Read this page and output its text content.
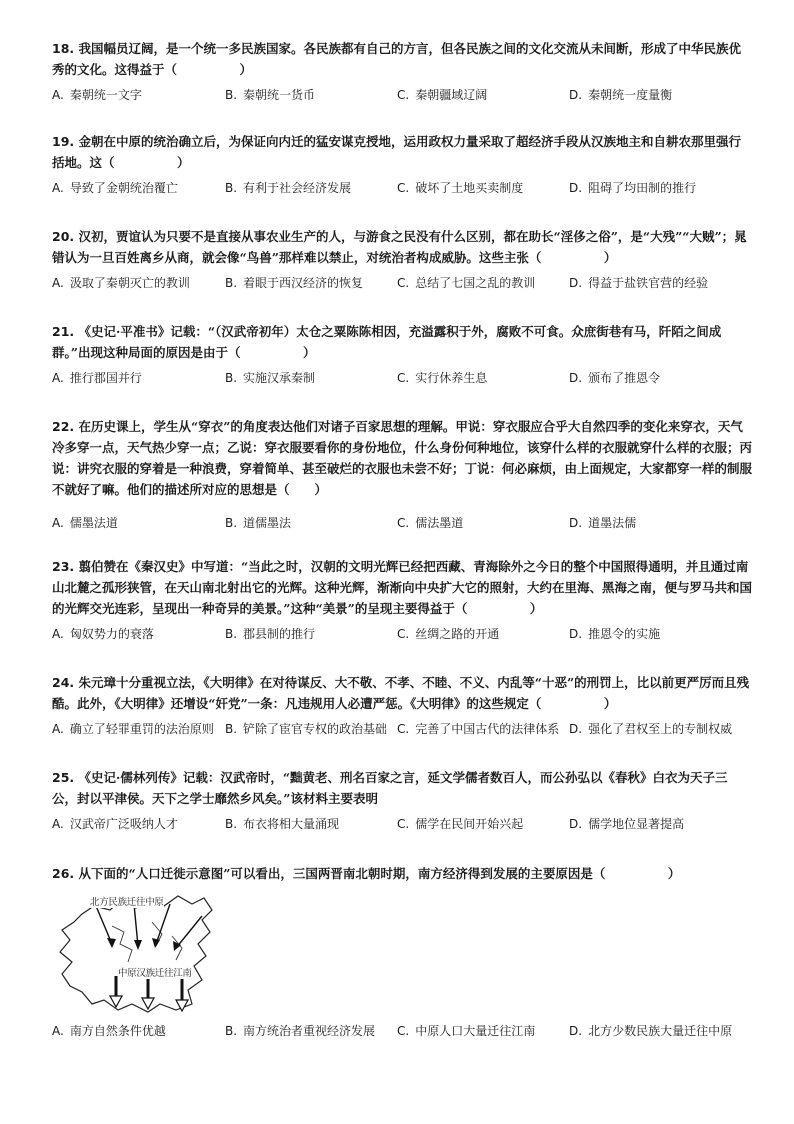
18. 我国幅员辽阔，是一个统一多民族国家。各民族都有自己的方言，但各民族之间的文化交流从未间断，形成了中华民族优秀的文化。这得益于（　　　　　）

A. 秦朝统一文字	B. 秦朝统一货币	C. 秦朝疆域辽阔	D. 秦朝统一度量衡

19. 金朝在中原的统治确立后，为保证向内迁的猛安谋克授地，运用政权力量采取了超经济手段从汉族地主和自耕农那里强行括地。这（　　　　　）

A. 导致了金朝统治覆亡	B. 有利于社会经济发展	C. 破坏了土地买卖制度	D. 阻碍了均田制的推行

20. 汉初，贾谊认为只要不是直接从事农业生产的人，与游食之民没有什么区别，都在助长“淫侈之俗”，是“大残”“大贼”；晁错认为一旦百姓离乡从商，就会像“鸟兽”那样难以禁止，对统治者构成威胁。这些主张（　　　　　）

A. 汲取了秦朝灭亡的教训	B. 着眼于西汉经济的恢复	C. 总结了七国之乱的教训	D. 得益于盐铁官营的经验

21. 《史记·平准书》记载：“（汉武帝初年）太仓之粟陈陈相因，充溢露积于外，腐败不可食。众庶街巷有马，阡陌之间成群。”出现这种局面的原因是由于（　　　　　）

A. 推行郡国并行	B. 实施汉承秦制	C. 实行休养生息	D. 颁布了推恩令

22. 在历史课上，学生从“穿衣”的角度表达他们对诸子百家思想的理解。甲说：穿衣服应合乎大自然四季的变化来穿衣，天气冷多穿一点，天气热少穿一点；乙说：穿衣服要看你的身份地位，什么身份何种地位，该穿什么样的衣服就穿什么样的衣服；丙说：讲究衣服的穿着是一种浪费，穿着简单、甚至破烂的衣服也未尝不好；丁说：何必麻烦，由上面规定，大家都穿一样的制服不就好了嘛。他们的描述所对应的思想是（　　）

A. 儒墨法道	B. 道儒墨法	C. 儒法墨道	D. 道墨法儒

23. 翦伯赞在《秦汉史》中写道：“当此之时，汉朝的文明光辉已经把西藏、青海除外之今日的整个中国照得通明，并且通过南山北麓之孤形狭管，在天山南北射出它的光辉。这种光辉，渐渐向中央扩大它的照射，大约在里海、黑海之南，便与罗马共和国的光辉交光连彩，呈现出一种奇异的美景。”这种“美景”的呈现主要得益于（　　　　　）

A. 匈奴势力的衰落	B. 郡县制的推行	C. 丝绸之路的开通	D. 推恩令的实施

24. 朱元璋十分重视立法，《大明律》在对待谋反、大不敬、不孝、不睦、不义、内乱等“十恶”的刑罚上，比以前更严厉而且残酷。此外，《大明律》还增设“奸党”一条：凡违规用人必遭严惩。《大明律》的这些规定（　　　　　）

A. 确立了轻罪重罚的法治原则 B. 铲除了宦官专权的政治基础 C. 完善了中国古代的法律体系 D. 强化了君权至上的专制权威

25. 《史记·儒林列传》记载：汉武帝时，“黜黄老、刑名百家之言，延文学儒者数百人，而公孙弘以《春秋》白衣为天子三公，封以平津侯。天下之学士靡然乡风矣。”该材料主要表明

A. 汉武帝广泛吸纳人才	B. 布衣将相大量涌现	C. 儒学在民间开始兴起	D. 儒学地位显著提高

26. 从下面的“人口迁徙示意图”可以看出，三国两晋南北朝时期，南方经济得到发展的主要原因是（　　　　　）

北方民族迁往中原
中原汉族迁往江南
A. 南方自然条件优越	B. 南方统治者重视经济发展 C. 中原人口大量迁往江南	D. 北方少数民族大量迁往中原
